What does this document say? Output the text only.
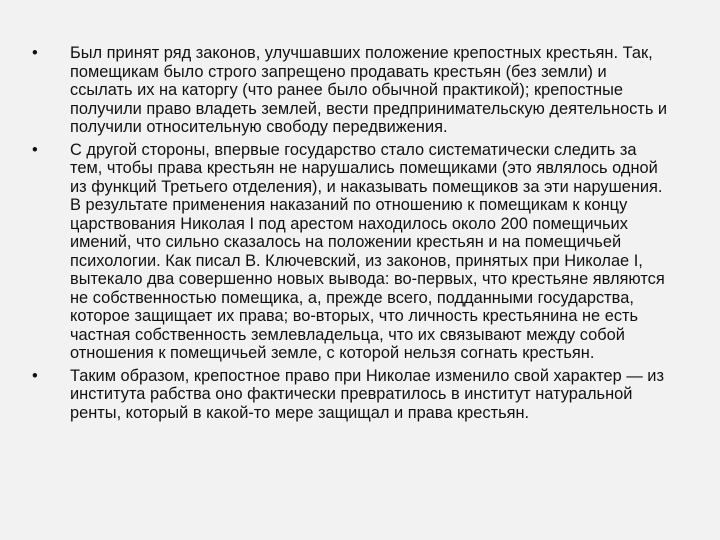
•	Был принят ряд законов, улучшавших положение крепостных крестьян. Так, помещикам было строго запрещено продавать крестьян (без земли) и ссылать их на каторгу (что ранее было обычной практикой); крепостные получили право владеть землей, вести предпринимательскую деятельность и получили относительную свободу передвижения.
•	С другой стороны, впервые государство стало систематически следить за тем, чтобы права крестьян не нарушались помещиками (это являлось одной из функций Третьего отделения), и наказывать помещиков за эти нарушения. В результате применения наказаний по отношению к помещикам к концу царствования Николая I под арестом находилось около 200 помещичьих имений, что сильно сказалось на положении крестьян и на помещичьей психологии. Как писал В. Ключевский, из законов, принятых при Николае I, вытекало два совершенно новых вывода: во-первых, что крестьяне являются не собственностью помещика, а, прежде всего, подданными государства, которое защищает их права; во-вторых, что личность крестьянина не есть частная собственность землевладельца, что их связывают между собой отношения к помещичьей земле, с которой нельзя согнать крестьян.
•	Таким образом, крепостное право при Николае изменило свой характер — из института рабства оно фактически превратилось в институт натуральной ренты, который в какой-то мере защищал и права крестьян.
